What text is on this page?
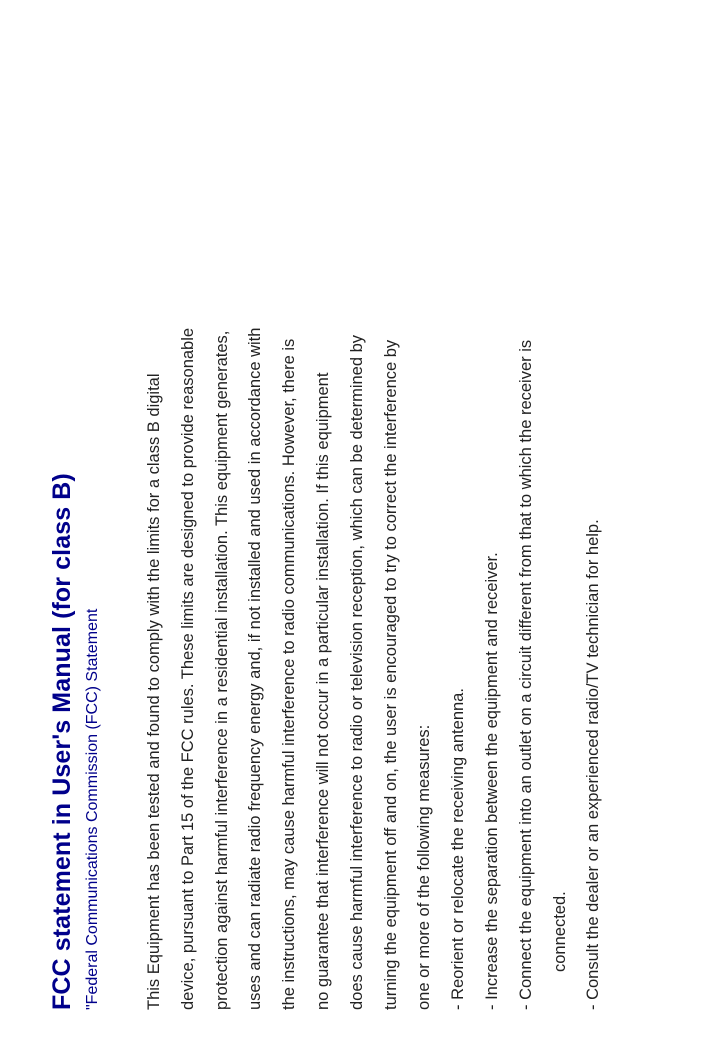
FCC statement in User's Manual (for class B) "Federal Communications Commission (FCC) Statement	This Equipment has been tested and found to comply with the limits for a class B digital device, pursuant to Part 15 of the FCC rules. These limits are designed to provide reasonable protection against harmful interference in a residential installation. This equipment generates, uses and can radiate radio frequency energy and, if not installed and used in accordance with the instructions, may cause harmful interference to radio communications. However, there is no guarantee that interference will not occur in a particular installation. If this equipment does cause harmful interference to radio or television reception, which can be determined by turning the equipment off and on, the user is encouraged to try to correct the interference by one or more of the following measures: - Reorient or relocate the receiving antenna. - Increase the separation between the equipment and receiver. - Connect the equipment into an outlet on a circuit different from that to which the receiver is connected. - Consult the dealer or an experienced radio/TV technician for help.
